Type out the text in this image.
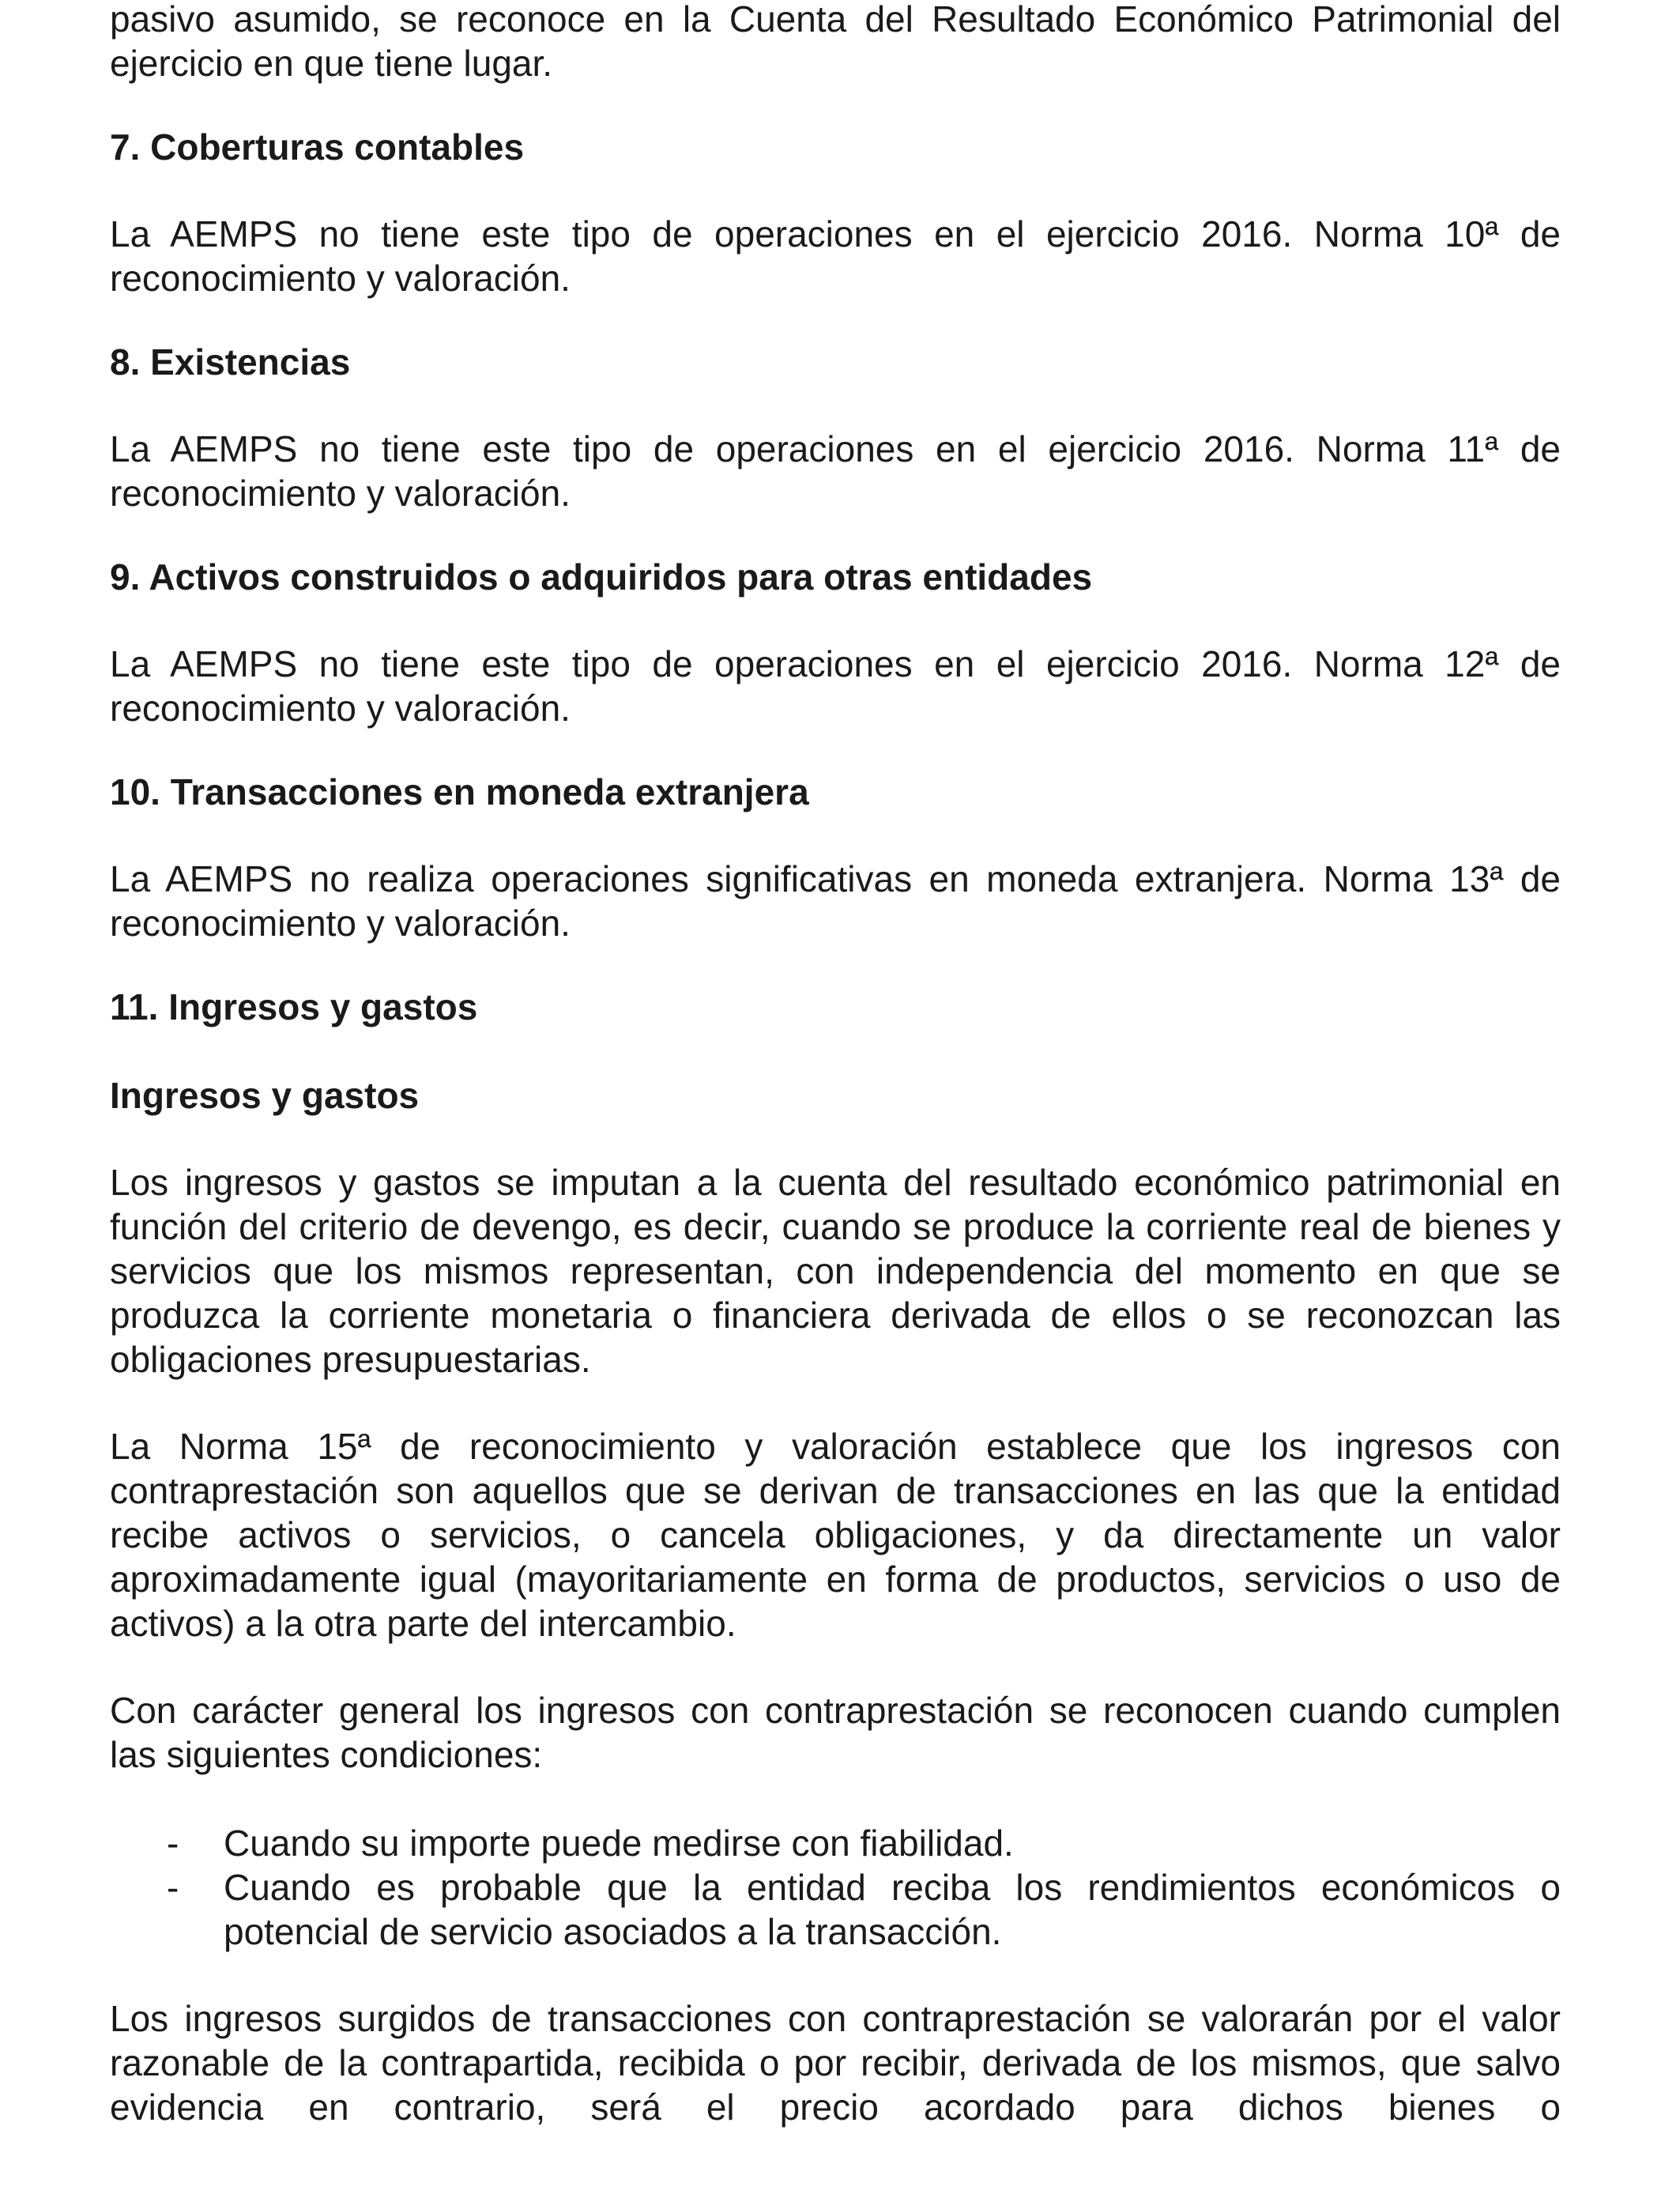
pasivo asumido, se reconoce en la Cuenta del Resultado Económico Patrimonial del ejercicio en que tiene lugar.

7. Coberturas contables

La AEMPS no tiene este tipo de operaciones en el ejercicio 2016. Norma 10ª de reconocimiento y valoración.

8. Existencias

La AEMPS no tiene este tipo de operaciones en el ejercicio 2016. Norma 11ª de reconocimiento y valoración.

9. Activos construidos o adquiridos para otras entidades

La AEMPS no tiene este tipo de operaciones en el ejercicio 2016. Norma 12ª de reconocimiento y valoración.

10. Transacciones en moneda extranjera

La AEMPS no realiza operaciones significativas en moneda extranjera. Norma 13ª de reconocimiento y valoración.

11. Ingresos y gastos

Ingresos y gastos

Los ingresos y gastos se imputan a la cuenta del resultado económico patrimonial en función del criterio de devengo, es decir, cuando se produce la corriente real de bienes y servicios que los mismos representan, con independencia del momento en que se produzca la corriente monetaria o financiera derivada de ellos o se reconozcan las obligaciones presupuestarias.

La Norma 15ª de reconocimiento y valoración establece que los ingresos con contraprestación son aquellos que se derivan de transacciones en las que la entidad recibe activos o servicios, o cancela obligaciones, y da directamente un valor aproximadamente igual (mayoritariamente en forma de productos, servicios o uso de activos) a la otra parte del intercambio.

Con carácter general los ingresos con contraprestación se reconocen cuando cumplen las siguientes condiciones:

- Cuando su importe puede medirse con fiabilidad.
- Cuando es probable que la entidad reciba los rendimientos económicos o potencial de servicio asociados a la transacción.

Los ingresos surgidos de transacciones con contraprestación se valorarán por el valor razonable de la contrapartida, recibida o por recibir, derivada de los mismos, que salvo evidencia en contrario, será el precio acordado para dichos bienes o
